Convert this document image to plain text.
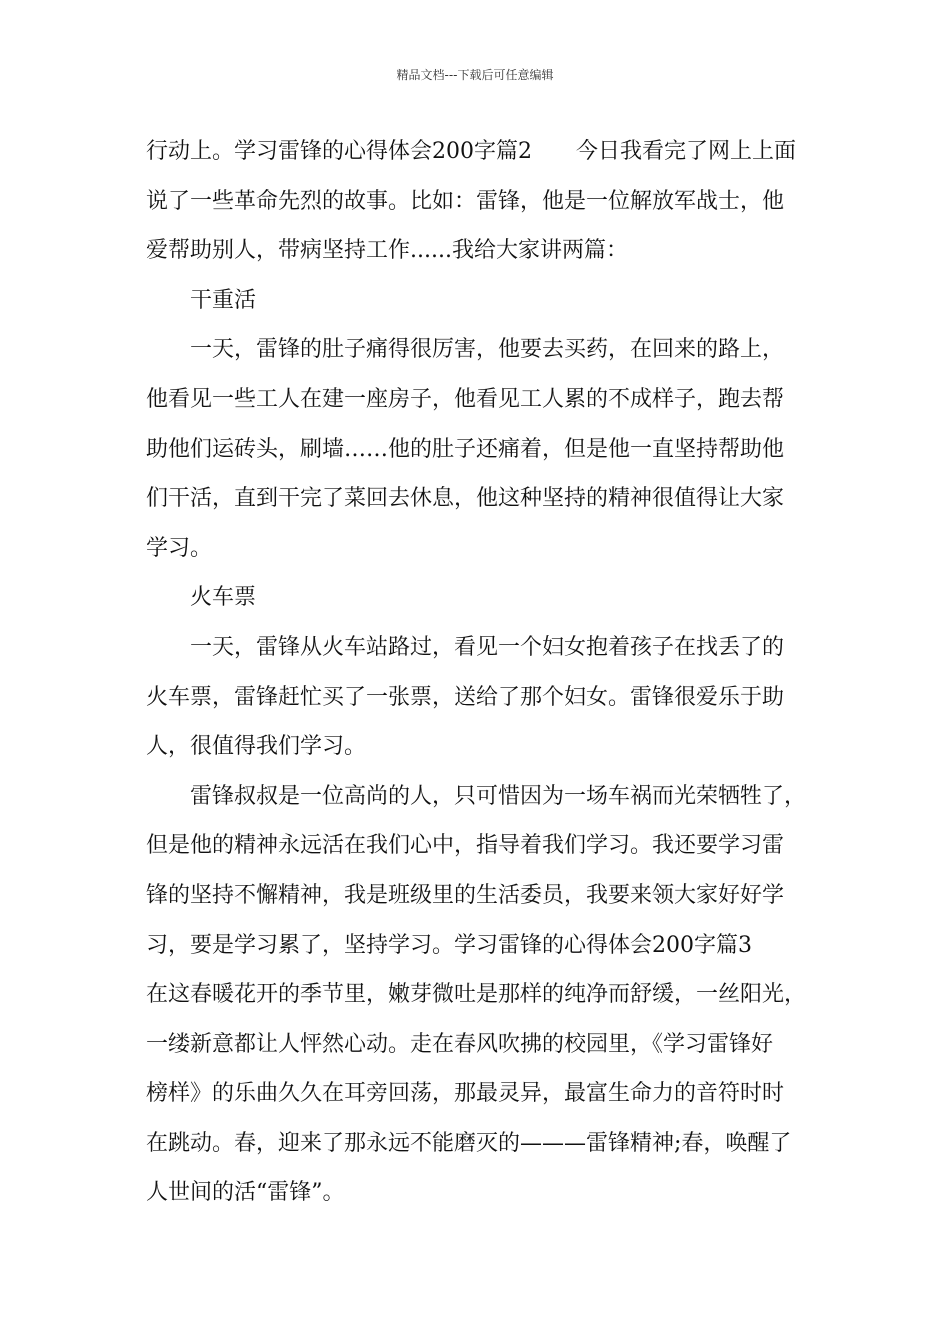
精品文档---下载后可任意编辑
行动上。学习雷锋的心得体会200字篇2　　今日我看完了网上上面
说了一些革命先烈的故事。比如：雷锋，他是一位解放军战士，他
爱帮助别人，带病坚持工作......我给大家讲两篇：
　　干重活
　　一天，雷锋的肚子痛得很厉害，他要去买药，在回来的路上，
他看见一些工人在建一座房子，他看见工人累的不成样子，跑去帮
助他们运砖头，刷墙……他的肚子还痛着，但是他一直坚持帮助他
们干活，直到干完了菜回去休息，他这种坚持的精神很值得让大家
学习。
　　火车票
　　一天，雷锋从火车站路过，看见一个妇女抱着孩子在找丢了的
火车票，雷锋赶忙买了一张票，送给了那个妇女。雷锋很爱乐于助
人，很值得我们学习。
　　雷锋叔叔是一位高尚的人，只可惜因为一场车祸而光荣牺牲了，
但是他的精神永远活在我们心中，指导着我们学习。我还要学习雷
锋的坚持不懈精神，我是班级里的生活委员，我要来领大家好好学
习，要是学习累了，坚持学习。学习雷锋的心得体会200字篇3
在这春暖花开的季节里，嫩芽微吐是那样的纯净而舒缓，一丝阳光，
一缕新意都让人怦然心动。走在春风吹拂的校园里，《学习雷锋好
榜样》的乐曲久久在耳旁回荡，那最灵异，最富生命力的音符时时
在跳动。春，迎来了那永远不能磨灭的———雷锋精神;春，唤醒了
人世间的活“雷锋”。
